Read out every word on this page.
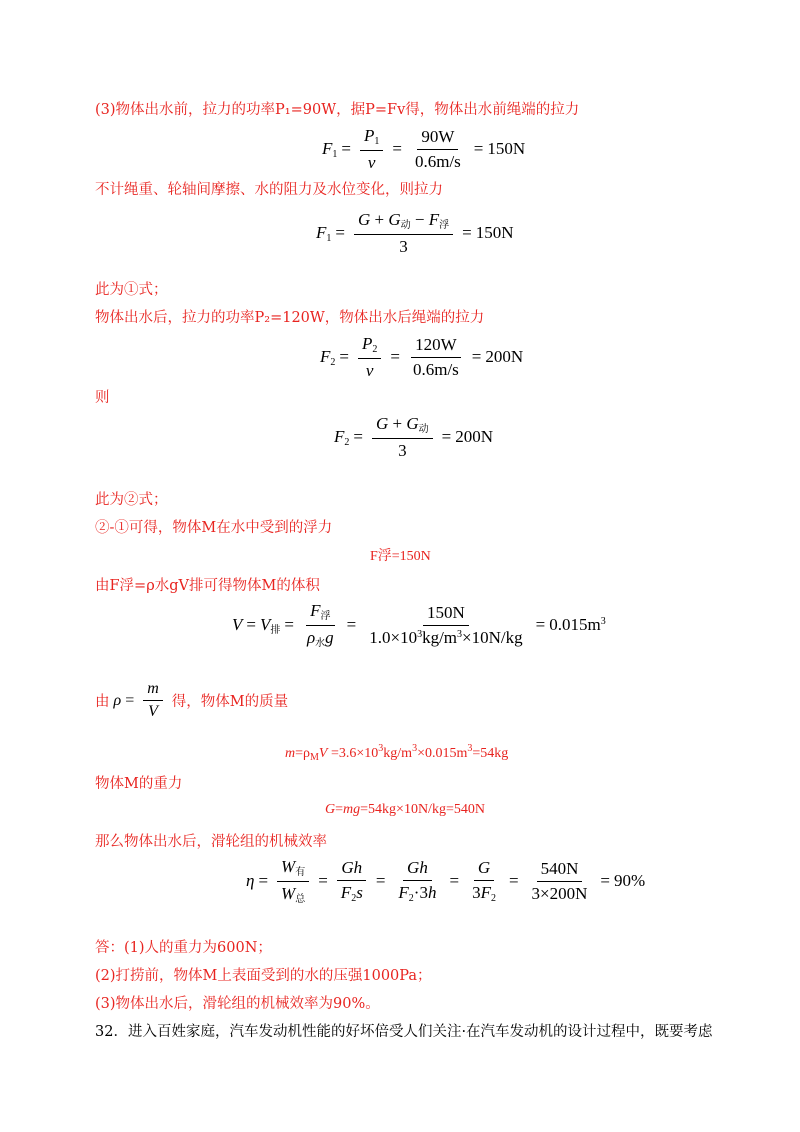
(3)物体出水前，拉力的功率P₁=90W，据P=Fv得，物体出水前绳端的拉力
$F_1 = \frac{P_1}{v} = \frac{90W}{0.6m/s} = 150N$
不计绳重、轮轴间摩擦、水的阻力及水位变化，则拉力
$F_1 = \frac{G + G_动 - F_浮}{3} = 150N$
此为①式；
物体出水后，拉力的功率P₂=120W，物体出水后绳端的拉力
$F_2 = \frac{P_2}{v} = \frac{120W}{0.6m/s} = 200N$
则
$F_2 = \frac{G + G_动}{3} = 200N$
此为②式；
②-①可得，物体M在水中受到的浮力
F浮=150N
由F浮=ρ水gV排可得物体M的体积
$V = V_排 = \frac{F_浮}{\rho_水g} = \frac{150N}{1.0\times 10^3kg/m^3\times 10N/kg} = 0.015m^3$
由 $\rho = \frac{m}{V}$ 得，物体M的质量
$m=\rho_MV =3.6\times 10^3kg/m^3\times 0.015m^3=54kg$
物体M的重力
G=mg=54kg×10N/kg=540N
那么物体出水后，滑轮组的机械效率
$\eta = \frac{W_有}{W_总} = \frac{Gh}{F_2s} = \frac{Gh}{F_2\cdot 3h} = \frac{G}{3F_2} = \frac{540N}{3\times 200N} = 90\%$
答：(1)人的重力为600N；
(2)打捞前，物体M上表面受到的水的压强1000Pa；
(3)物体出水后，滑轮组的机械效率为90%。
32．进入百姓家庭，汽车发动机性能的好坏倍受人们关注·在汽车发动机的设计过程中，既要考虑
